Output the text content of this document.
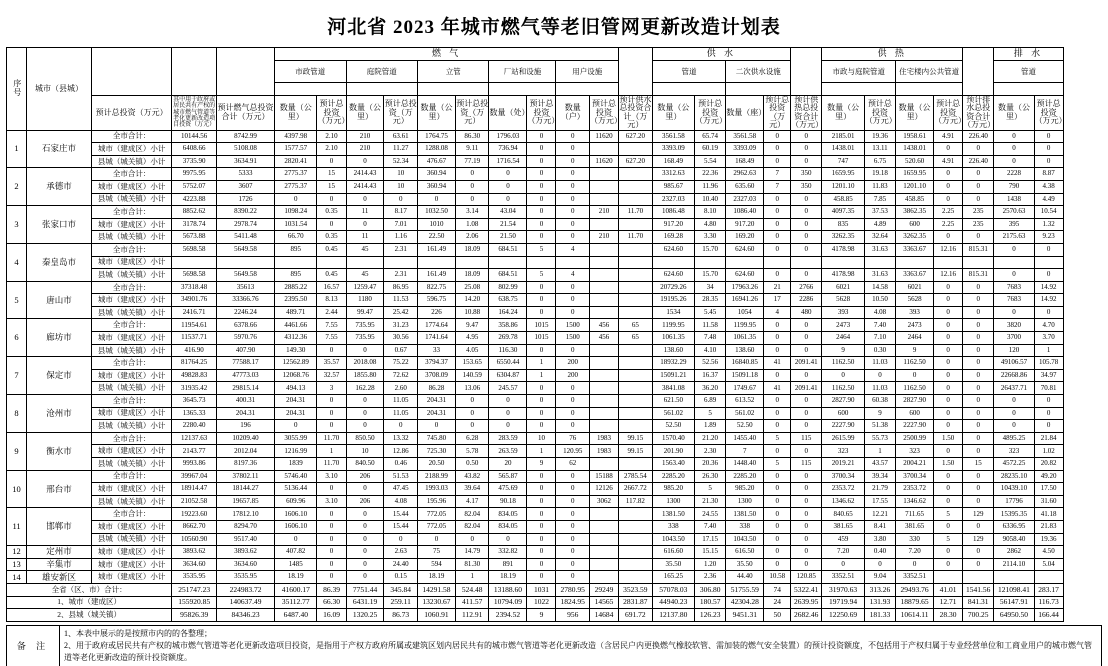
河北省 2023 年城市燃气等老旧管网更新改造计划表
序号	城市（县城）				燃 气											供 水					供 热					排 水	
					市政管道		庭院管道		立管		厂站和设施		用户设施			管道		二次供水设施			市政与庭院管道		住宅楼内公共管道			管道	

		预计总投资（万元）	其中用于政府或居民共有产权的城市燃气管道等老化更新改造项目投资（万元）	预计燃气总投资合计（万元）	数量（公里）	预计总投资（万元）	数量（公里）	预计总投资（万元）	数量（公里）	预计总投资（万元）	数量（处）	预计总投资（万元）	数量（户）	预计总投资（万元）	预计供水总投资合计（万元）	数量（公里）	预计总投资（万元）	数量（座）	预计总投资（万元）	预计供热总投资合计（万元）	数量（公里）	预计总投资（万元）	数量（公里）	预计总投资（万元）	预计排水总投资合计（万元）	数量（公里）	预计总投资（万元）
1	石家庄市	全市合计：	10144.56	8742.99	4397.98	2.10	210	63.61	1764.75	86.30	1796.03	0	0	11620	627.20	3561.58	65.74	3561.58	0	0	2185.01	19.36	1958.61	4.91	226.40	0	0
		城市（建成区）小计	6408.66	5108.08	1577.57	2.10	210	11.27	1288.08	9.11	736.94	0	0			3393.09	60.19	3393.09	0	0	1438.01	13.11	1438.01	0	0	0	0
		县城（城关镇）小计	3735.90	3634.91	2820.41	0	0	52.34	476.67	77.19	1716.54	0	0	11620	627.20	168.49	5.54	168.49	0	0	747	6.75	520.60	4.91	226.40	0	0
2	承德市	全市合计：	9975.95	5333	2775.37	15	2414.43	10	360.94	0	0	0	0			3312.63	22.36	2962.63	7	350	1659.95	19.18	1659.95	0	0	2228	8.87
		城市（建成区）小计	5752.07	3607	2775.37	15	2414.43	10	360.94	0	0	0	0			985.67	11.96	635.60	7	350	1201.10	11.83	1201.10	0	0	790	4.38
		县城（城关镇）小计	4223.88	1726	0	0	0	0	0	0	0	0	0			2327.03	10.40	2327.03	0	0	458.85	7.85	458.85	0	0	1438	4.49
3	张家口市	全市合计：	8852.62	8390.22	1098.24	0.35	11	8.17	1032.50	3.14	43.04	0	0	210	11.70	1086.48	8.10	1086.40	0	0	4097.35	37.53	3862.35	2.25	235	2570.63	10.54
		城市（建成区）小计	3178.74	2978.74	1031.54	0	0	7.01	1010	1.08	21.54	0	0			917.20	4.80	917.20	0	0	835	4.89	600	2.25	235	395	1.32
		县城（城关镇）小计	5673.88	5411.48	66.70	0.35	11	1.16	22.50	2.06	21.50	0	0	210	11.70	169.28	3.30	169.20	0	0	3262.35	32.64	3262.35	0	0	2175.63	9.23
4	秦皇岛市	全市合计：	5698.58	5649.58	895	0.45	45	2.31	161.49	18.09	684.51	5	4			624.60	15.70	624.60	0	0	4178.98	31.63	3363.67	12.16	815.31	0	0
		城市（建成区）小计																									
		县城（城关镇）小计	5698.58	5649.58	895	0.45	45	2.31	161.49	18.09	684.51	5	4			624.60	15.70	624.60	0	0	4178.98	31.63	3363.67	12.16	815.31	0	0
5	唐山市	全市合计：	37318.48	35613	2885.22	16.57	1259.47	86.95	822.75	25.08	802.99	0	0			20729.26	34	17963.26	21	2766	6021	14.58	6021	0	0	7683	14.92
		城市（建成区）小计	34901.76	33366.76	2395.50	8.13	1180	11.53	596.75	14.20	638.75	0	0			19195.26	28.35	16941.26	17	2286	5628	10.50	5628	0	0	7683	14.92
		县城（城关镇）小计	2416.71	2246.24	489.71	2.44	99.47	25.42	226	10.88	164.24	0	0			1534	5.45	1054	4	480	393	4.08	393	0	0	0	0
6	廊坊市	全市合计：	11954.61	6378.66	4461.66	7.55	735.95	31.23	1774.64	9.47	358.86	1015	1500	456	65	1199.95	11.58	1199.95	0	0	2473	7.40	2473	0	0	3820	4.70
		城市（建成区）小计	11537.71	5970.76	4312.36	7.55	735.95	30.56	1741.64	4.95	269.78	1015	1500	456	65	1061.35	7.48	1061.35	0	0	2464	7.10	2464	0	0	3700	3.70
		县城（城关镇）小计	416.90	407.90	149.30	0	0	0.67	33	4.05	116.30	0	0			138.60	4.10	138.60	0	0	9	0.30	9	0	0	120	1
7	保定市	全市合计：	81764.25	77588.17	12562.89	35.57	2018.08	75.22	3794.37	153.65	6550.44	1	200			18932.29	52.56	16840.85	41	2091.41	1162.50	11.03	1162.50	0	0	49106.57	105.78
		城市（建成区）小计	49828.83	47773.03	12068.76	32.57	1855.80	72.62	3708.09	140.59	6304.87	1	200			15091.21	16.37	15091.18	0	0	0	0	0	0	0	22668.86	34.97
		县城（城关镇）小计	31935.42	29815.14	494.13	3	162.28	2.60	86.28	13.06	245.57	0	0			3841.08	36.20	1749.67	41	2091.41	1162.50	11.03	1162.50	0	0	26437.71	70.81
8	沧州市	全市合计：	3645.73	400.31	204.31	0	0	11.05	204.31	0	0	0	0			621.50	6.89	613.52	0	0	2827.90	60.38	2827.90	0	0	0	0
		城市（建成区）小计	1365.33	204.31	204.31	0	0	11.05	204.31	0	0	0	0			561.02	5	561.02	0	0	600	9	600	0	0	0	0
		县城（城关镇）小计	2280.40	196	0	0	0	0	0	0	0	0	0			52.50	1.89	52.50	0	0	2227.90	51.38	2227.90	0	0	0	0
9	衡水市	全市合计：	12137.63	10209.40	3055.99	11.70	850.50	13.32	745.80	6.28	283.59	10	76	1983	99.15	1570.40	21.20	1455.40	5	115	2615.99	55.73	2500.99	1.50	0	4895.25	21.84
		城市（建成区）小计	2143.77	2012.04	1216.99	1	10	12.86	725.30	5.78	263.59	1	120.95	1983	99.15	201.90	2.30	7	0	0	323	1	323	0	0	323	1.02
		县城（城关镇）小计	9993.86	8197.36	1839	11.70	840.50	0.46	20.50	0.50	20	9	62			1563.40	20.36	1448.40	5	115	2019.21	43.57	2004.21	1.50	15	4572.25	20.82
10	邢台市	全市合计：	39967.04	37802.11	5746.40	3.10	206	51.53	2188.99	43.82	565.87	0	0	15188	2785.54	2285.20	26.30	2285.20	0	0	3700.34	39.34	3700.34	0	0	28235.10	49.20
		城市（建成区）小计	18914.47	18144.27	5136.44	0	0	47.45	1993.03	39.64	475.69	0	0	12126	2667.72	985.20	5	985.20	0	0	2353.72	21.79	2353.72	0	0	10439.10	17.50
		县城（城关镇）小计	21052.58	19657.85	609.96	3.10	206	4.08	195.96	4.17	90.18	0	0	3062	117.82	1300	21.30	1300	0	0	1346.62	17.55	1346.62	0	0	17796	31.60
11	邯郸市	全市合计：	19223.60	17812.10	1606.10	0	0	15.44	772.05	82.04	834.05	0	0			1381.50	24.55	1381.50	0	0	840.65	12.21	711.65	5	129	15395.35	41.18
		城市（建成区）小计	8662.70	8294.70	1606.10	0	0	15.44	772.05	82.04	834.05	0	0			338	7.40	338	0	0	381.65	8.41	381.65	0	0	6336.95	21.83
		县城（城关镇）小计	10560.90	9517.40	0	0	0	0	0	0	0	0	0			1043.50	17.15	1043.50	0	0	459	3.80	330	5	129	9058.40	19.36
12	定州市	城市（建成区）小计	3893.62	3893.62	407.82	0	0	2.63	75	14.79	332.82	0	0			616.60	15.15	616.50	0	0	7.20	0.40	7.20	0	0	2862	4.50
13	辛集市	城市（建成区）小计	3634.60	3634.60	1485	0	0	24.40	594	81.30	891	0	0			35.50	1.20	35.50	0	0	0	0	0	0	0	2114.10	5.04
14	雄安新区	城市（建成区）小计	3535.95	3535.95	18.19	0	0	0.15	18.19	1	18.19	0	0			165.25	2.36	44.40	10.58	120.85	3352.51	9.04	3352.51				
全省（区、市）合计：			251747.23	224983.72	41600.17	86.39	7751.44	345.84	14291.58	524.48	13188.60	1031	2780.95	29249	3523.59	57078.03	306.80	51755.59	74	5322.41	31970.63	313.26	29493.76	41.01	1541.56	121098.41	283.17
1、城市（建成区）			155920.85	140637.49	35112.77	66.30	6431.19	259.11	13230.67	411.57	10794.09	1022	1824.95	14565	2831.87	44940.23	180.57	42304.28	24	2639.95	19719.94	131.93	18879.65	12.71	841.31	56147.91	116.73
2、县城（城关镇）			95826.39	84346.23	6487.40	16.09	1320.25	86.73	1060.91	112.91	2394.52	9	956	14684	691.72	12137.80	126.23	9451.31	50	2682.46	12250.69	181.33	10614.11	28.30	700.25	64950.50	166.44
备 注
1、本表中展示的是按照市内的的各整理；
2、用于政府或居民共有产权的城市燃气管道等老化更新改造项目投资，是指用于产权方政府所属或建筑区划内居民共有的城市燃气管道等老化更新改造（含居民户内更换燃气橡胶软管、需加装的燃气安全装置）的预计投资额度，不包括用于产权归属于专业经营单位和工商业用户的城市燃气管道等老化更新改造的预计投资额度。
